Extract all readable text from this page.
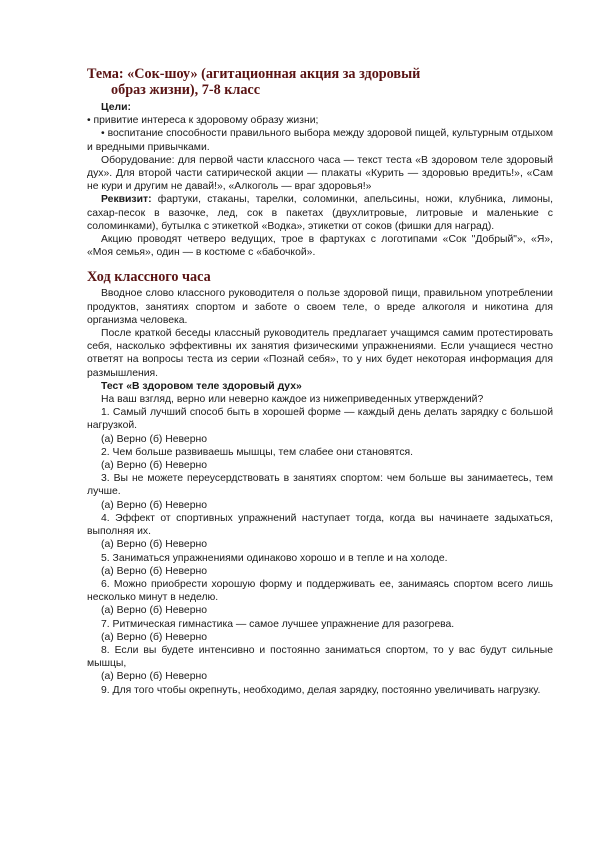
Тема: «Сок-шоу» (агитационная акция за здоровый
образ жизни), 7-8 класс

Цели:

• привитие интереса к здоровому образу жизни;

• воспитание способности правильного выбора между здоровой пищей, культурным отдыхом и вредными привычками.

Оборудование: для первой части классного часа — текст теста «В здоровом теле здоровый дух». Для второй части сатирической акции — плакаты «Курить — здоровью вредить!», «Сам не кури и другим не давай!», «Алкоголь — враг здоровья!»

Реквизит: фартуки, стаканы, тарелки, соломинки, апельсины, ножи, клубника, лимоны, сахар-песок в вазочке, лед, сок в пакетах (двухлитровые, литровые и маленькие с соломинками), бутылка с этикеткой «Водка», этикетки от соков (фишки для наград).

Акцию проводят четверо ведущих, трое в фартуках с логотипами «Сок "Добрый"», «Я», «Моя семья», один — в костюме с «бабочкой».

Ход классного часа

Вводное слово классного руководителя о пользе здоровой пищи, правильном употреблении продуктов, занятиях спортом и заботе о своем теле, о вреде алкоголя и никотина для организма человека.

После краткой беседы классный руководитель предлагает учащимся самим протестировать себя, насколько эффективны их занятия физическими упражнениями. Если учащиеся честно ответят на вопросы теста из серии «Познай себя», то у них будет некоторая информация для размышления.

Тест «В здоровом теле здоровый дух»

На ваш взгляд, верно или неверно каждое из нижеприведенных утверждений?

1. Самый лучший способ быть в хорошей форме — каждый день делать зарядку с большой нагрузкой.

(а) Верно (б) Неверно

2. Чем больше развиваешь мышцы, тем слабее они становятся.

(а) Верно (б) Неверно

3. Вы не можете переусердствовать в занятиях спортом: чем больше вы занимаетесь, тем лучше.

(а) Верно (б) Неверно

4. Эффект от спортивных упражнений наступает тогда, когда вы начинаете задыхаться, выполняя их.

(а) Верно (б) Неверно

5. Заниматься упражнениями одинаково хорошо и в тепле и на холоде.

(а) Верно (б) Неверно

6. Можно приобрести хорошую форму и поддерживать ее, занимаясь спортом всего лишь несколько минут в неделю.

(а) Верно (б) Неверно

7. Ритмическая гимнастика — самое лучшее упражнение для разогрева.

(а) Верно (б) Неверно

8. Если вы будете интенсивно и постоянно заниматься спортом, то у вас будут сильные мышцы,

(а) Верно (б) Неверно

9. Для того чтобы окрепнуть, необходимо, делая зарядку, постоянно увеличивать нагрузку.
